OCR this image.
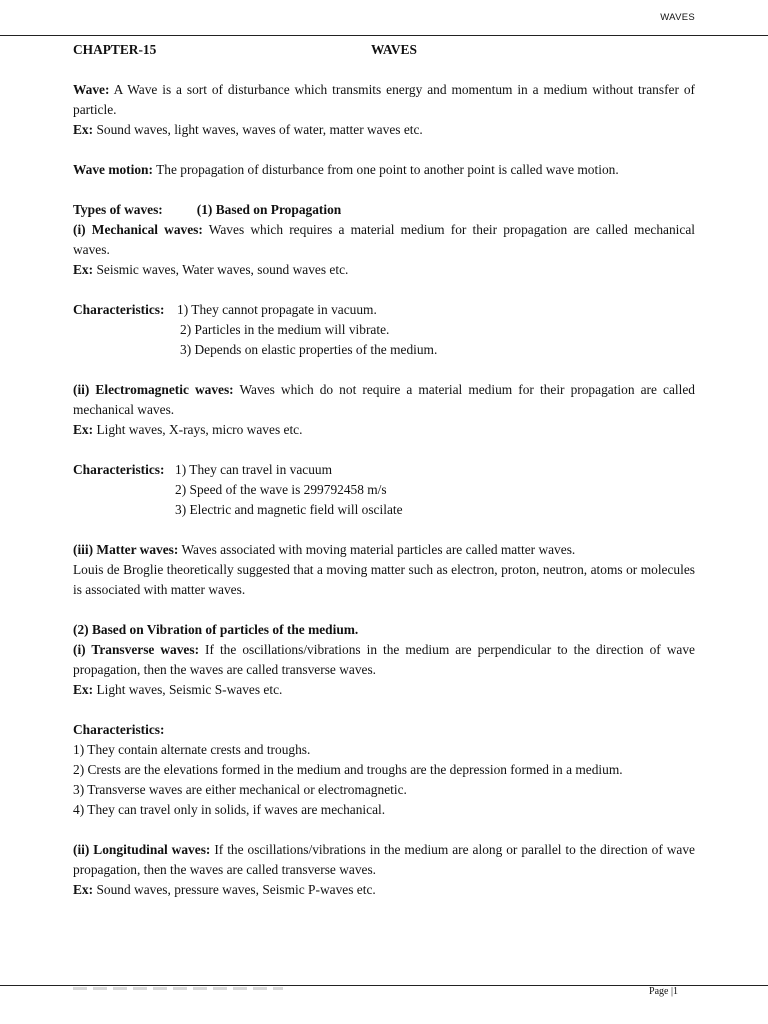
WAVES
CHAPTER-15	WAVES

Wave: A Wave is a sort of disturbance which transmits energy and momentum in a medium without transfer of particle.

Ex: Sound waves, light waves, waves of water, matter waves etc.

Wave motion: The propagation of disturbance from one point to another point is called wave motion.

Types of waves:	(1) Based on Propagation

(i) Mechanical waves: Waves which requires a material medium for their propagation are called mechanical waves.

Ex: Seismic waves, Water waves, sound waves etc.

Characteristics: 1) They cannot propagate in vacuum.

2) Particles in the medium will vibrate.

3) Depends on elastic properties of the medium.

(ii) Electromagnetic waves: Waves which do not require a material medium for their propagation are called mechanical waves.

Ex: Light waves, X-rays, micro waves etc.

Characteristics: 1) They can travel in vacuum

2) Speed of the wave is 299792458 m/s

3) Electric and magnetic field will oscilate

(iii) Matter waves: Waves associated with moving material particles are called matter waves.

Louis de Broglie theoretically suggested that a moving matter such as electron, proton, neutron, atoms or molecules is associated with matter waves.

(2) Based on Vibration of particles of the medium.

(i) Transverse waves: If the oscillations/vibrations in the medium are perpendicular to the direction of wave propagation, then the waves are called transverse waves.

Ex: Light waves, Seismic S-waves etc.

Characteristics:

1) They contain alternate crests and troughs.

2) Crests are the elevations formed in the medium and troughs are the depression formed in a medium.

3) Transverse waves are either mechanical or electromagnetic.

4) They can travel only in solids, if waves are mechanical.

(ii) Longitudinal waves: If the oscillations/vibrations in the medium are along or parallel to the direction of wave propagation, then the waves are called transverse waves.

Ex: Sound waves, pressure waves, Seismic P-waves etc.

Page |1
